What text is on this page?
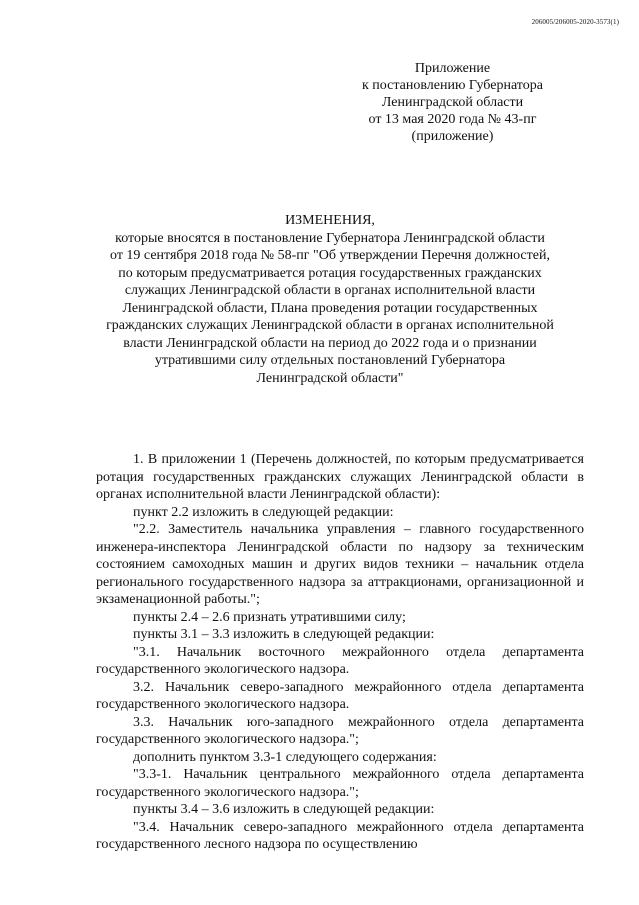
206005/206005-2020-3573(1)
Приложение
к постановлению Губернатора
Ленинградской области
от 13 мая 2020 года № 43-пг
(приложение)
ИЗМЕНЕНИЯ,
которые вносятся в постановление Губернатора Ленинградской области
от 19 сентября 2018 года № 58-пг "Об утверждении Перечня должностей,
по которым предусматривается ротация государственных гражданских
служащих Ленинградской области в органах исполнительной власти
Ленинградской области, Плана проведения ротации государственных
гражданских служащих Ленинградской области в органах исполнительной
власти Ленинградской области на период до 2022 года и о признании
утратившими силу отдельных постановлений Губернатора
Ленинградской области"

1. В приложении 1 (Перечень должностей, по которым предусматривается ротация государственных гражданских служащих Ленинградской области в органах исполнительной власти Ленинградской области):

пункт 2.2 изложить в следующей редакции:

"2.2. Заместитель начальника управления – главного государственного инженера-инспектора Ленинградской области по надзору за техническим состоянием самоходных машин и других видов техники – начальник отдела регионального государственного надзора за аттракционами, организационной и экзаменационной работы.";

пункты 2.4 – 2.6 признать утратившими силу;

пункты 3.1 – 3.3 изложить в следующей редакции:

"3.1. Начальник восточного межрайонного отдела департамента государственного экологического надзора.

3.2. Начальник северо-западного межрайонного отдела департамента государственного экологического надзора.

3.3. Начальник юго-западного межрайонного отдела департамента государственного экологического надзора.";

дополнить пунктом 3.3-1 следующего содержания:

"3.3-1. Начальник центрального межрайонного отдела департамента государственного экологического надзора.";

пункты 3.4 – 3.6 изложить в следующей редакции:

"3.4. Начальник северо-западного межрайонного отдела департамента государственного лесного надзора по осуществлению
